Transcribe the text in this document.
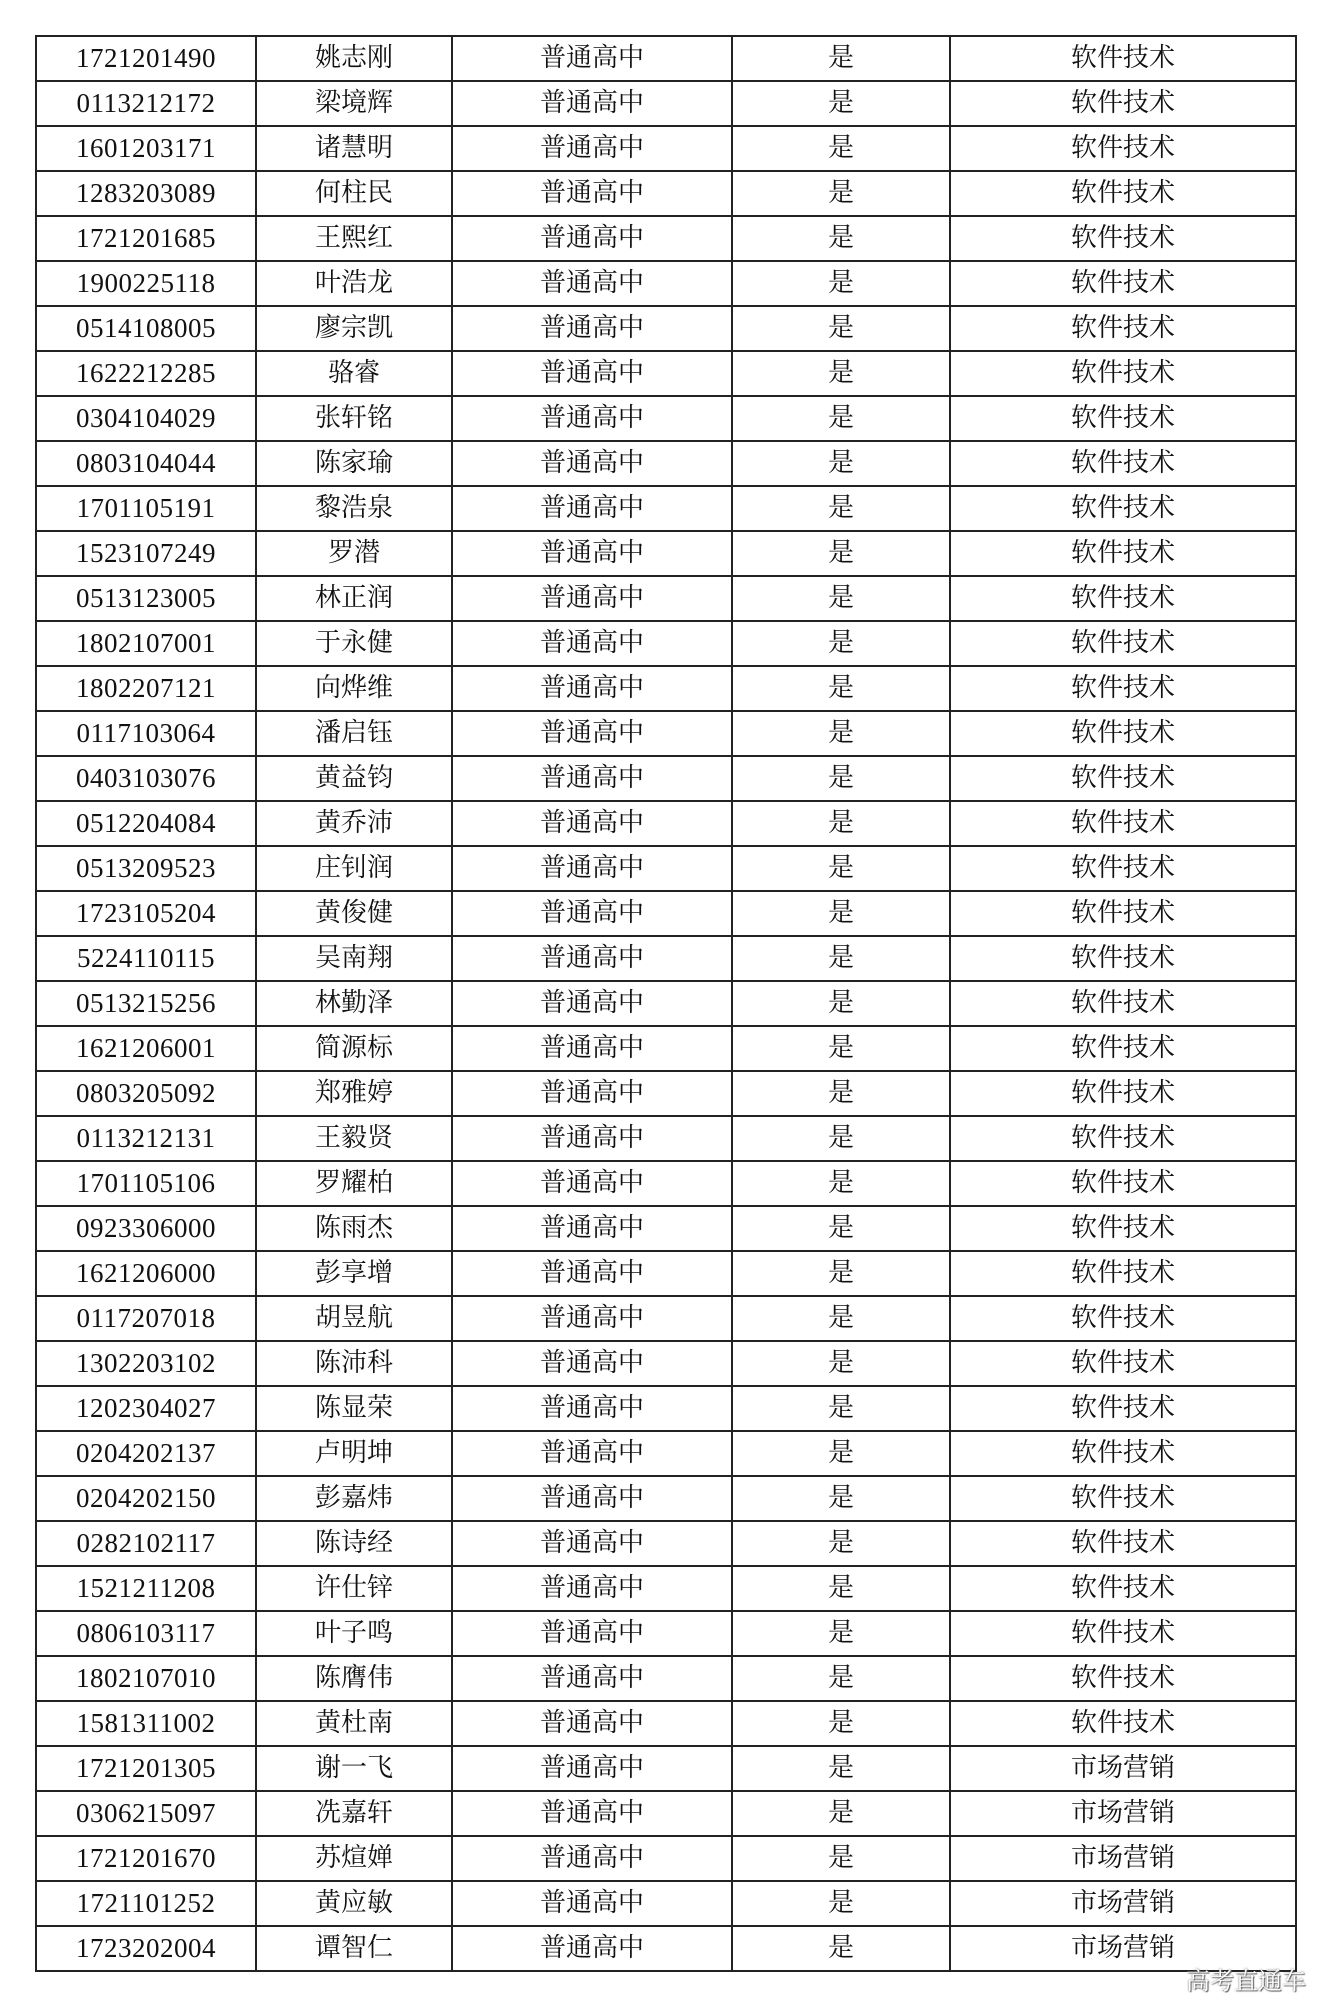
1721201490	姚志刚	普通高中	是	软件技术
0113212172	梁境辉	普通高中	是	软件技术
1601203171	诸慧明	普通高中	是	软件技术
1283203089	何柱民	普通高中	是	软件技术
1721201685	王熙红	普通高中	是	软件技术
1900225118	叶浩龙	普通高中	是	软件技术
0514108005	廖宗凯	普通高中	是	软件技术
1622212285	骆睿	普通高中	是	软件技术
0304104029	张轩铭	普通高中	是	软件技术
0803104044	陈家瑜	普通高中	是	软件技术
1701105191	黎浩泉	普通高中	是	软件技术
1523107249	罗潜	普通高中	是	软件技术
0513123005	林正润	普通高中	是	软件技术
1802107001	于永健	普通高中	是	软件技术
1802207121	向烨维	普通高中	是	软件技术
0117103064	潘启钰	普通高中	是	软件技术
0403103076	黄益钧	普通高中	是	软件技术
0512204084	黄乔沛	普通高中	是	软件技术
0513209523	庄钊润	普通高中	是	软件技术
1723105204	黄俊健	普通高中	是	软件技术
5224110115	吴南翔	普通高中	是	软件技术
0513215256	林勤泽	普通高中	是	软件技术
1621206001	简源标	普通高中	是	软件技术
0803205092	郑雅婷	普通高中	是	软件技术
0113212131	王毅贤	普通高中	是	软件技术
1701105106	罗耀柏	普通高中	是	软件技术
0923306000	陈雨杰	普通高中	是	软件技术
1621206000	彭享增	普通高中	是	软件技术
0117207018	胡昱航	普通高中	是	软件技术
1302203102	陈沛科	普通高中	是	软件技术
1202304027	陈显荣	普通高中	是	软件技术
0204202137	卢明坤	普通高中	是	软件技术
0204202150	彭嘉炜	普通高中	是	软件技术
0282102117	陈诗经	普通高中	是	软件技术
1521211208	许仕锌	普通高中	是	软件技术
0806103117	叶子鸣	普通高中	是	软件技术
1802107010	陈膺伟	普通高中	是	软件技术
1581311002	黄杜南	普通高中	是	软件技术
1721201305	谢一飞	普通高中	是	市场营销
0306215097	冼嘉轩	普通高中	是	市场营销
1721201670	苏煊婵	普通高中	是	市场营销
1721101252	黄应敏	普通高中	是	市场营销
1723202004	谭智仁	普通高中	是	市场营销
高考直通车
